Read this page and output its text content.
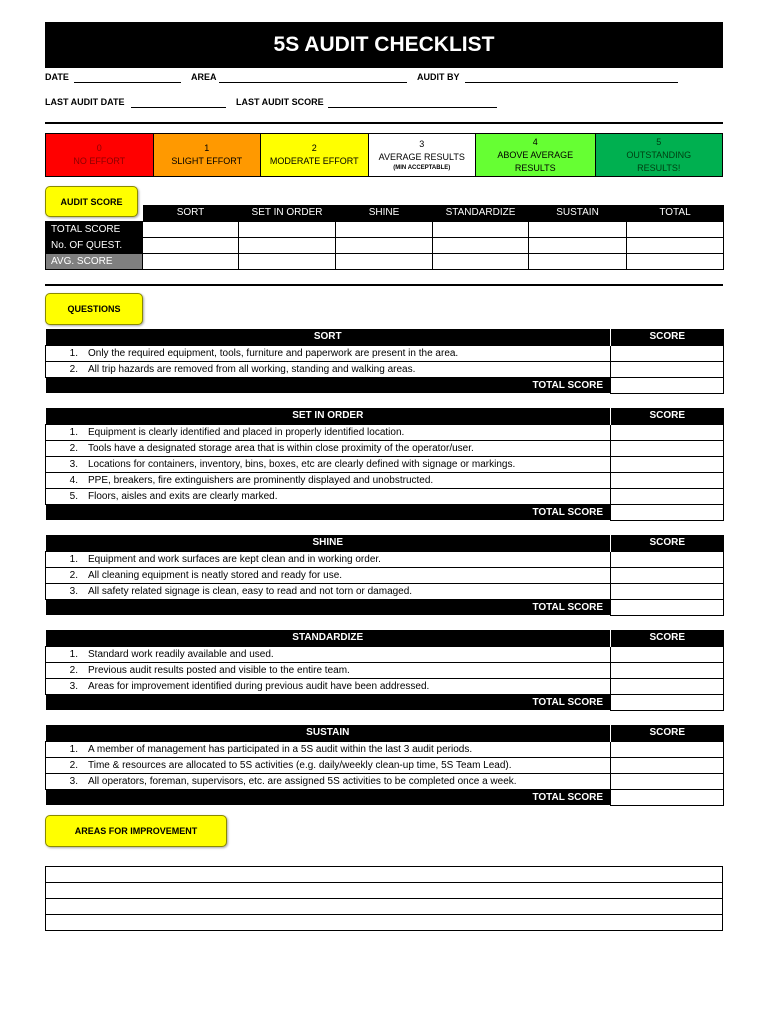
5S AUDIT CHECKLIST
DATE	AREA	AUDIT BY
LAST AUDIT DATE	LAST AUDIT SCORE
0
NO EFFORT
1
SLIGHT EFFORT
2
MODERATE EFFORT
3
AVERAGE RESULTS
(MIN ACCEPTABLE)
4
ABOVE AVERAGE RESULTS
5
OUTSTANDING RESULTS!
AUDIT SCORE
	SORT	SET IN ORDER	SHINE	STANDARDIZE	SUSTAIN	TOTAL
TOTAL SCORE						
No. OF QUEST.						
AVG. SCORE						
QUESTIONS
SORT	SCORE
1. Only the required equipment, tools, furniture and paperwork are present in the area.	
2. All trip hazards are removed from all working, standing and walking areas.	
TOTAL SCORE	
SET IN ORDER	SCORE
1. Equipment is clearly identified and placed in properly identified location.	
2. Tools have a designated storage area that is within close proximity of the operator/user.	
3. Locations for containers, inventory, bins, boxes, etc are clearly defined with signage or markings.	
4. PPE, breakers, fire extinguishers are prominently displayed and unobstructed.	
5. Floors, aisles and exits are clearly marked.	
TOTAL SCORE	
SHINE	SCORE
1. Equipment and work surfaces are kept clean and in working order.	
2. All cleaning equipment is neatly stored and ready for use.	
3. All safety related signage is clean, easy to read and not torn or damaged.	
TOTAL SCORE	
STANDARDIZE	SCORE
1. Standard work readily available and used.	
2. Previous audit results posted and visible to the entire team.	
3. Areas for improvement identified during previous audit have been addressed.	
TOTAL SCORE	
SUSTAIN	SCORE
1. A member of management has participated in a 5S audit within the last 3 audit periods.	
2. Time & resources are allocated to 5S activities (e.g. daily/weekly clean-up time, 5S Team Lead).	
3. All operators, foreman, supervisors, etc. are assigned 5S activities to be completed once a week.	
TOTAL SCORE	
AREAS FOR IMPROVEMENT
